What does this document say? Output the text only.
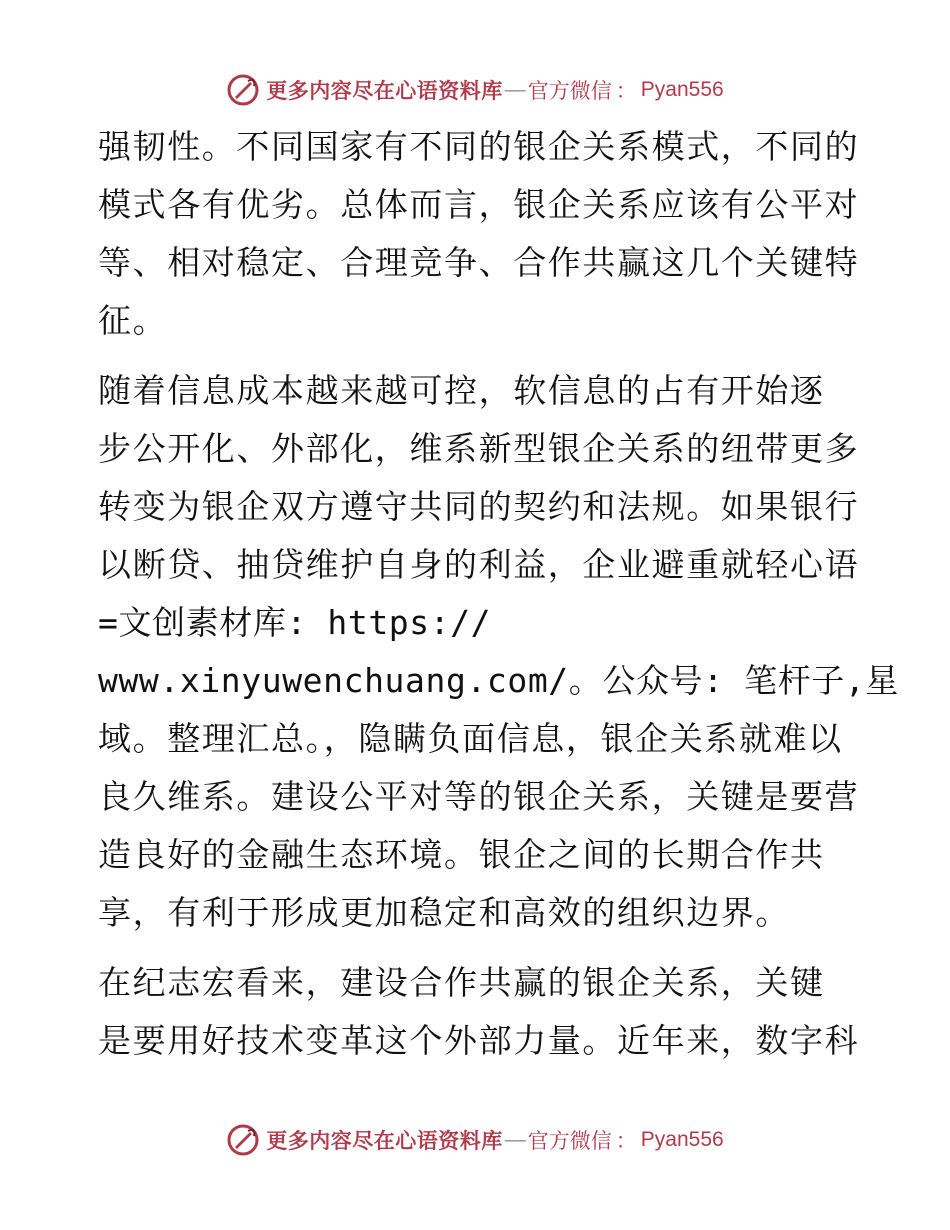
更多内容尽在心语资料库 — 官方微信 ： Pyan556
强韧性。不同国家有不同的银企关系模式，不同的
模式各有优劣。总体而言，银企关系应该有公平对
等、相对稳定、合理竞争、合作共赢这几个关键特
征。
随着信息成本越来越可控，软信息的占有开始逐
步公开化、外部化，维系新型银企关系的纽带更多
转变为银企双方遵守共同的契约和法规。如果银行
以断贷、抽贷维护自身的利益，企业避重就轻心语
=文创素材库: https://
www.xinyuwenchuang.com/。公众号: 笔杆子,星
域。整理汇总。，隐瞒负面信息，银企关系就难以
良久维系。建设公平对等的银企关系，关键是要营
造良好的金融生态环境。银企之间的长期合作共
享，有利于形成更加稳定和高效的组织边界。
在纪志宏看来，建设合作共赢的银企关系，关键
是要用好技术变革这个外部力量。近年来，数字科
更多内容尽在心语资料库 — 官方微信 ： Pyan556
